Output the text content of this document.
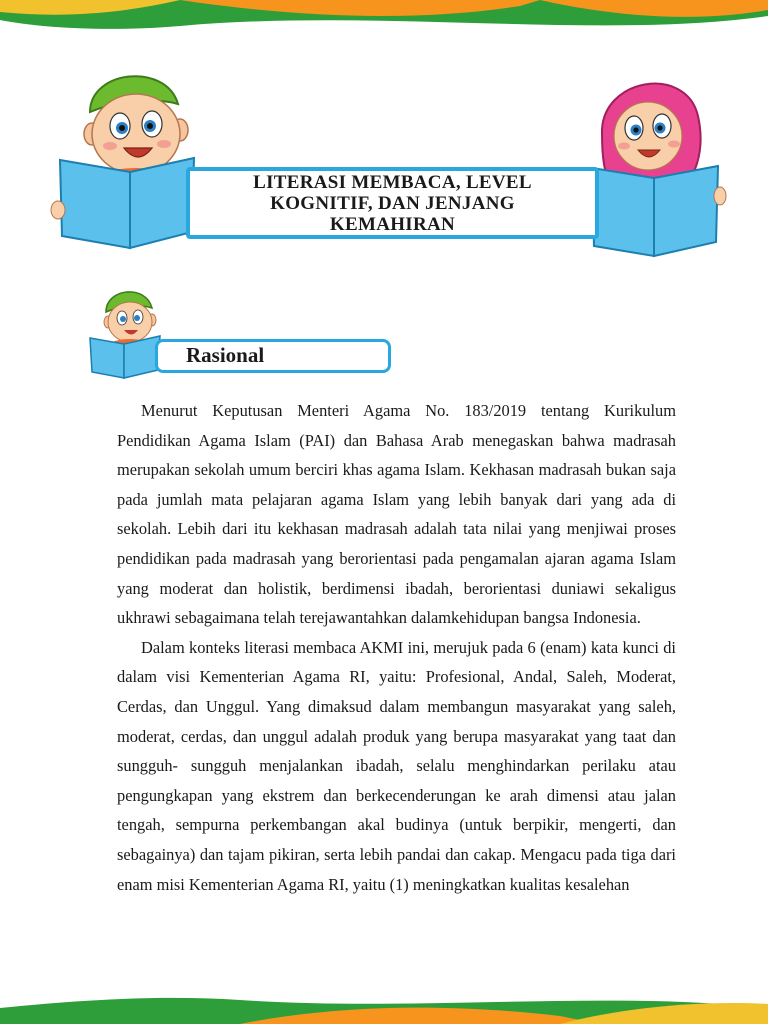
LITERASI MEMBACA, LEVEL
KOGNITIF, DAN JENJANG
KEMAHIRAN
Rasional

Menurut Keputusan Menteri Agama No. 183/2019 tentang Kurikulum Pendidikan Agama Islam (PAI) dan Bahasa Arab menegaskan bahwa madrasah merupakan sekolah umum berciri khas agama Islam. Kekhasan madrasah bukan saja pada jumlah mata pelajaran agama Islam yang lebih banyak dari yang ada di sekolah. Lebih dari itu kekhasan madrasah adalah tata nilai yang menjiwai proses pendidikan pada madrasah yang berorientasi pada pengamalan ajaran agama Islam yang moderat dan holistik, berdimensi ibadah, berorientasi duniawi sekaligus ukhrawi sebagaimana telah terejawantahkan dalamkehidupan bangsa Indonesia.

Dalam konteks literasi membaca AKMI ini, merujuk pada 6 (enam) kata kunci di dalam visi Kementerian Agama RI, yaitu: Profesional, Andal, Saleh, Moderat, Cerdas, dan Unggul. Yang dimaksud dalam membangun masyarakat yang saleh, moderat, cerdas, dan unggul adalah produk yang berupa masyarakat yang taat dan sungguh- sungguh menjalankan ibadah, selalu menghindarkan perilaku atau pengungkapan yang ekstrem dan berkecenderungan ke arah dimensi atau jalan tengah, sempurna perkembangan akal budinya (untuk berpikir, mengerti, dan sebagainya) dan tajam pikiran, serta lebih pandai dan cakap. Mengacu pada tiga dari enam misi Kementerian Agama RI, yaitu (1) meningkatkan kualitas kesalehan
